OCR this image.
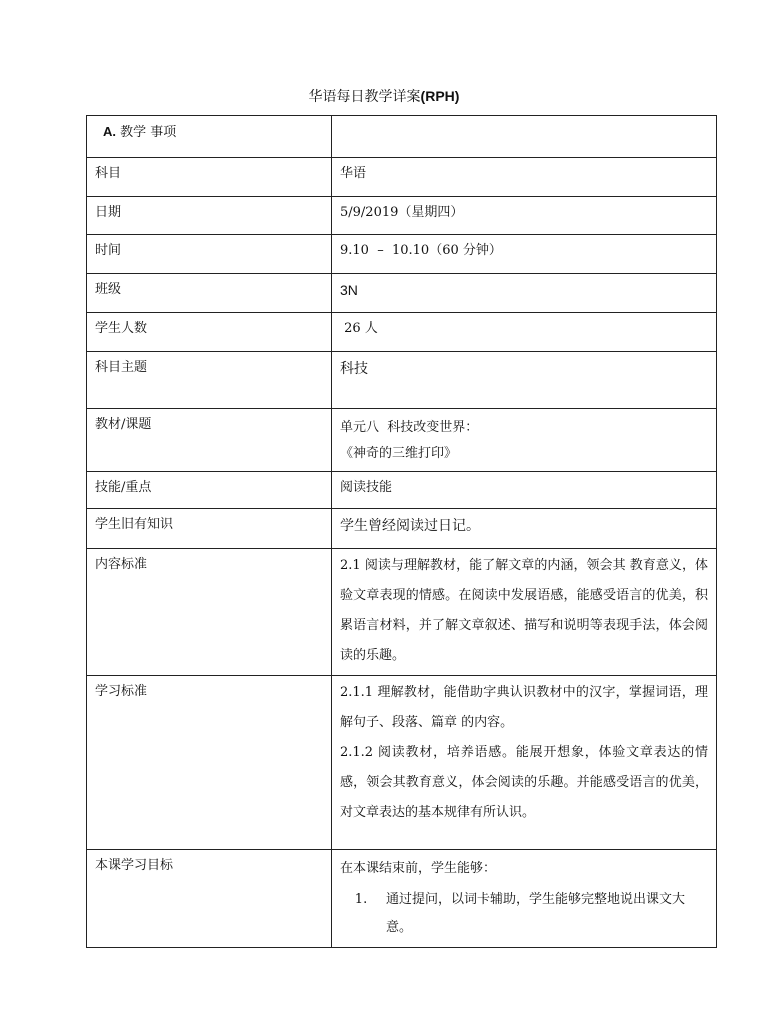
华语每日教学详案(RPH)
A. 教学 事项	
科目	华语
日期	5/9/2019（星期四）
时间	9.10  –  10.10（60 分钟）
班级	3N
学生人数	26 人
科目主题	科技
教材/课题	单元八  科技改变世界：
《神奇的三维打印》

技能/重点	阅读技能
学生旧有知识	学生曾经阅读过日记。
内容标准	2.1 阅读与理解教材，能了解文章的内涵，领会其 教育意义，体验文章表现的情感。在阅读中发展语感，能感受语言的优美，积累语言材料，并了解文章叙述、描写和说明等表现手法，体会阅读的乐趣。

学习标准	2.1.1 理解教材，能借助字典认识教材中的汉字，掌握词语，理解句子、段落、篇章 的内容。
2.1.2 阅读教材，培养语感。能展开想象，体验文章表达的情感，领会其教育意义，体会阅读的乐趣。并能感受语言的优美，对文章表达的基本规律有所认识。

本课学习目标	在本课结束前，学生能够：
1. 通过提问，以词卡辅助，学生能够完整地说出课文大意。
